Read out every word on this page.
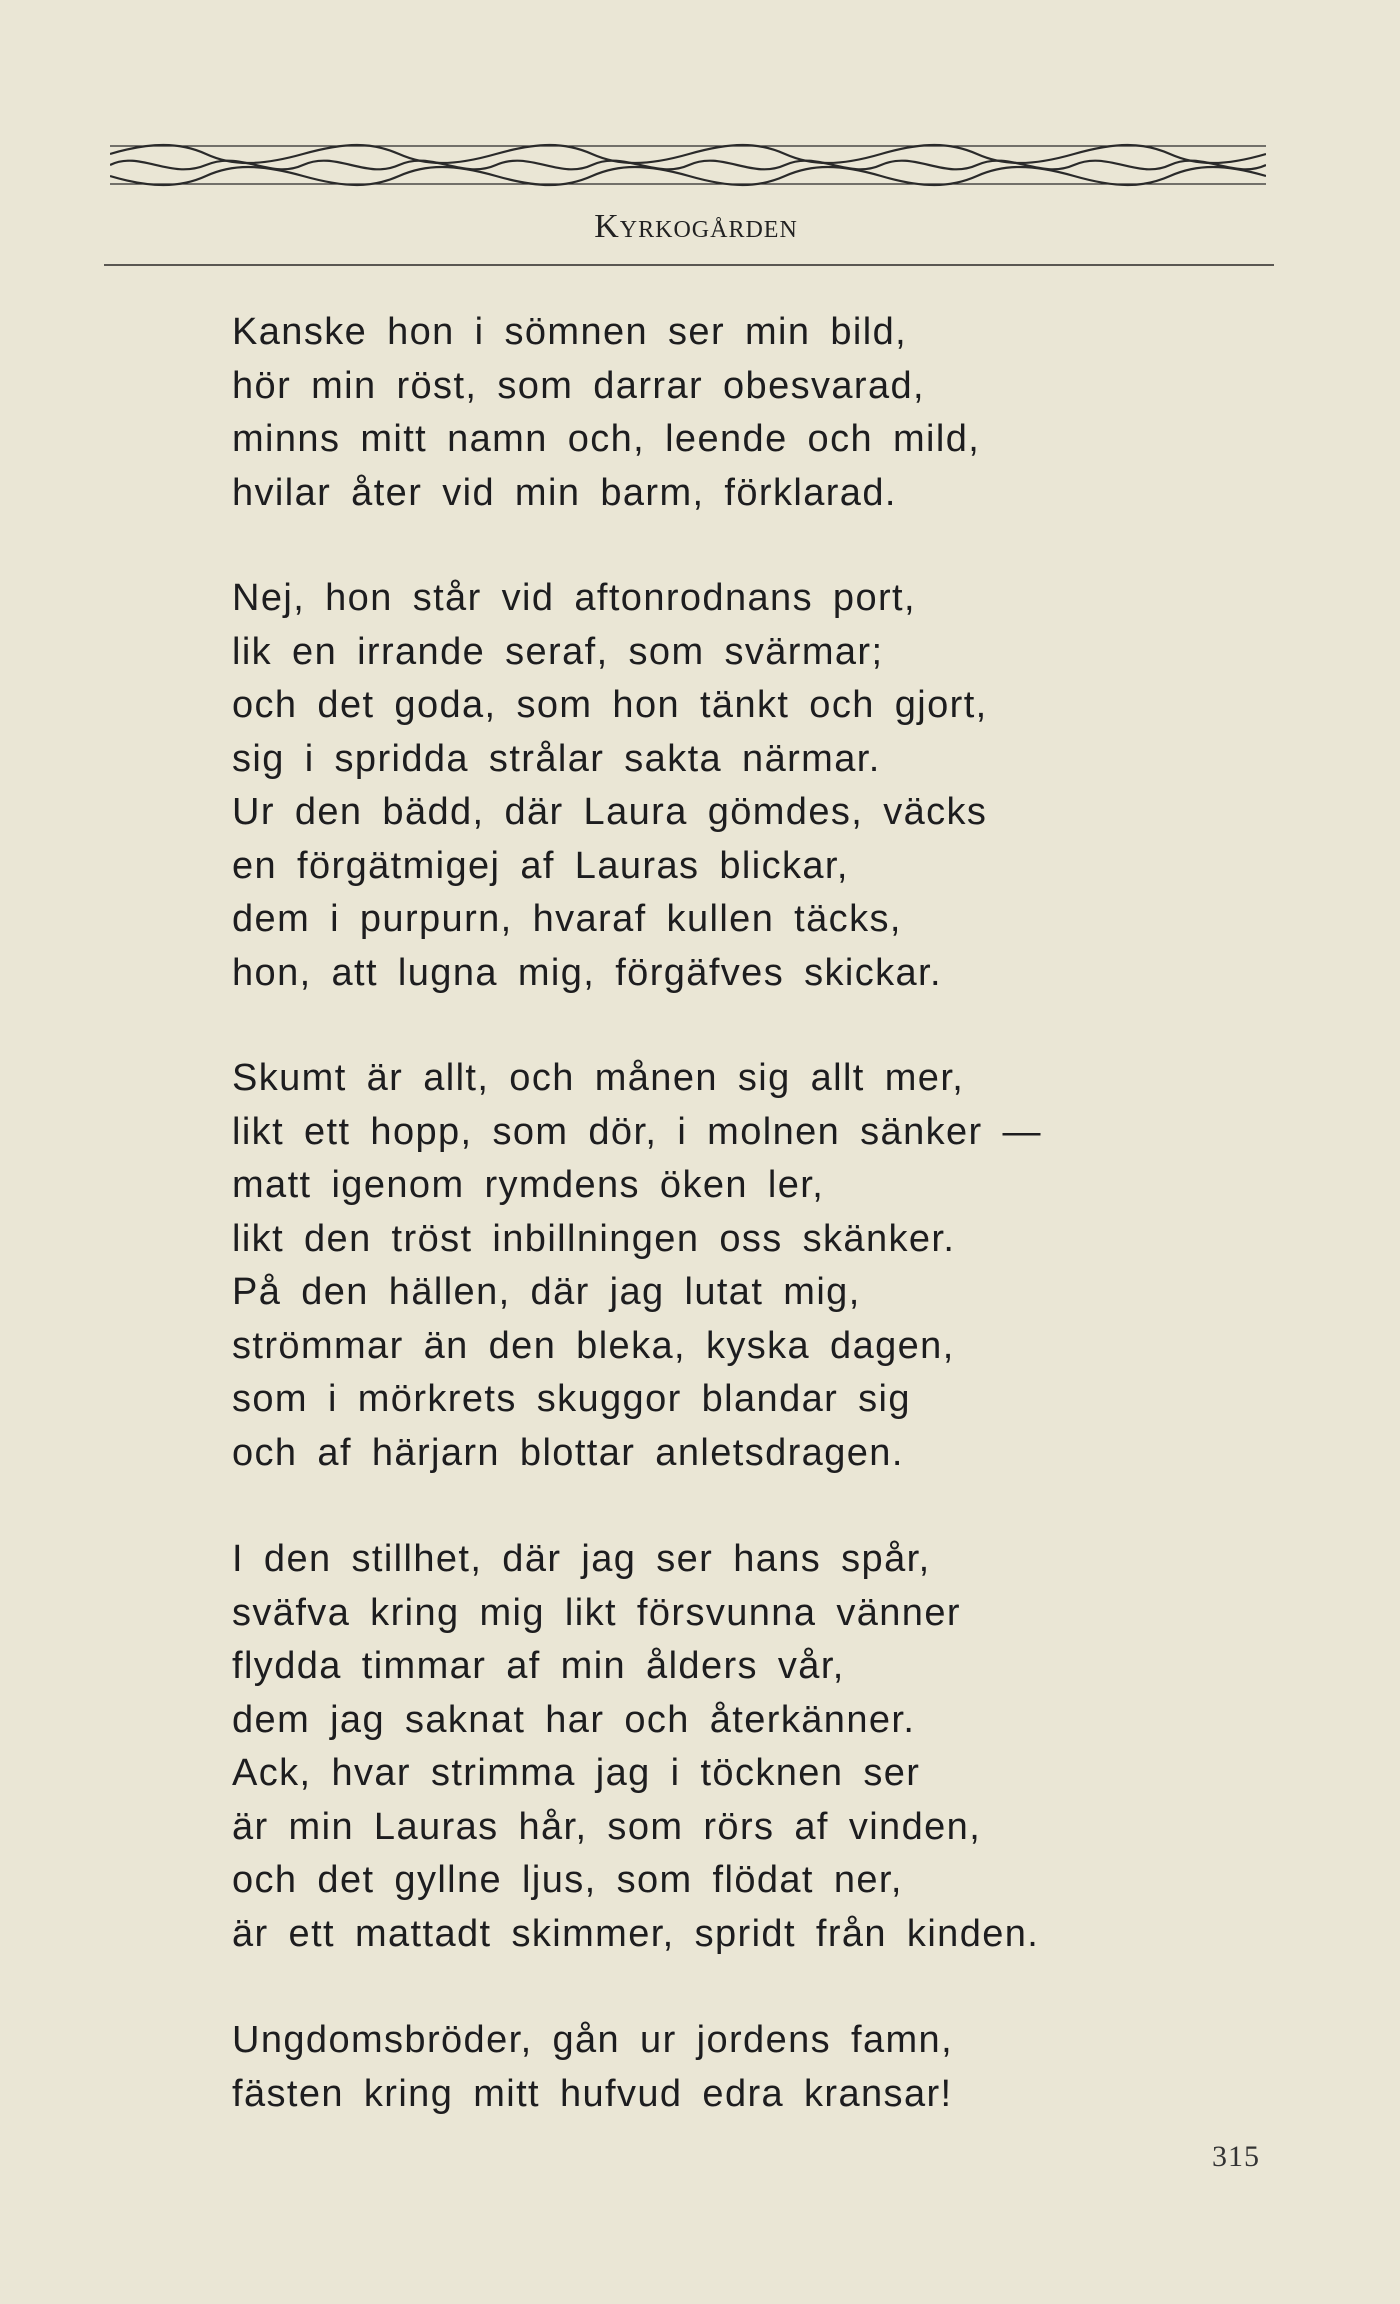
Kyrkogården
Kanske hon i sömnen ser min bild,
hör min röst, som darrar obesvarad,
minns mitt namn och, leende och mild,
hvilar åter vid min barm, förklarad.
Nej, hon står vid aftonrodnans port,
lik en irrande seraf, som svärmar;
och det goda, som hon tänkt och gjort,
sig i spridda strålar sakta närmar.
Ur den bädd, där Laura gömdes, väcks
en förgätmigej af Lauras blickar,
dem i purpurn, hvaraf kullen täcks,
hon, att lugna mig, förgäfves skickar.
Skumt är allt, och månen sig allt mer,
likt ett hopp, som dör, i molnen sänker —
matt igenom rymdens öken ler,
likt den tröst inbillningen oss skänker.
På den hällen, där jag lutat mig,
strömmar än den bleka, kyska dagen,
som i mörkrets skuggor blandar sig
och af härjarn blottar anletsdragen.
I den stillhet, där jag ser hans spår,
sväfva kring mig likt försvunna vänner
flydda timmar af min ålders vår,
dem jag saknat har och återkänner.
Ack, hvar strimma jag i töcknen ser
är min Lauras hår, som rörs af vinden,
och det gyllne ljus, som flödat ner,
är ett mattadt skimmer, spridt från kinden.
Ungdomsbröder, gån ur jordens famn,
fästen kring mitt hufvud edra kransar!
315
